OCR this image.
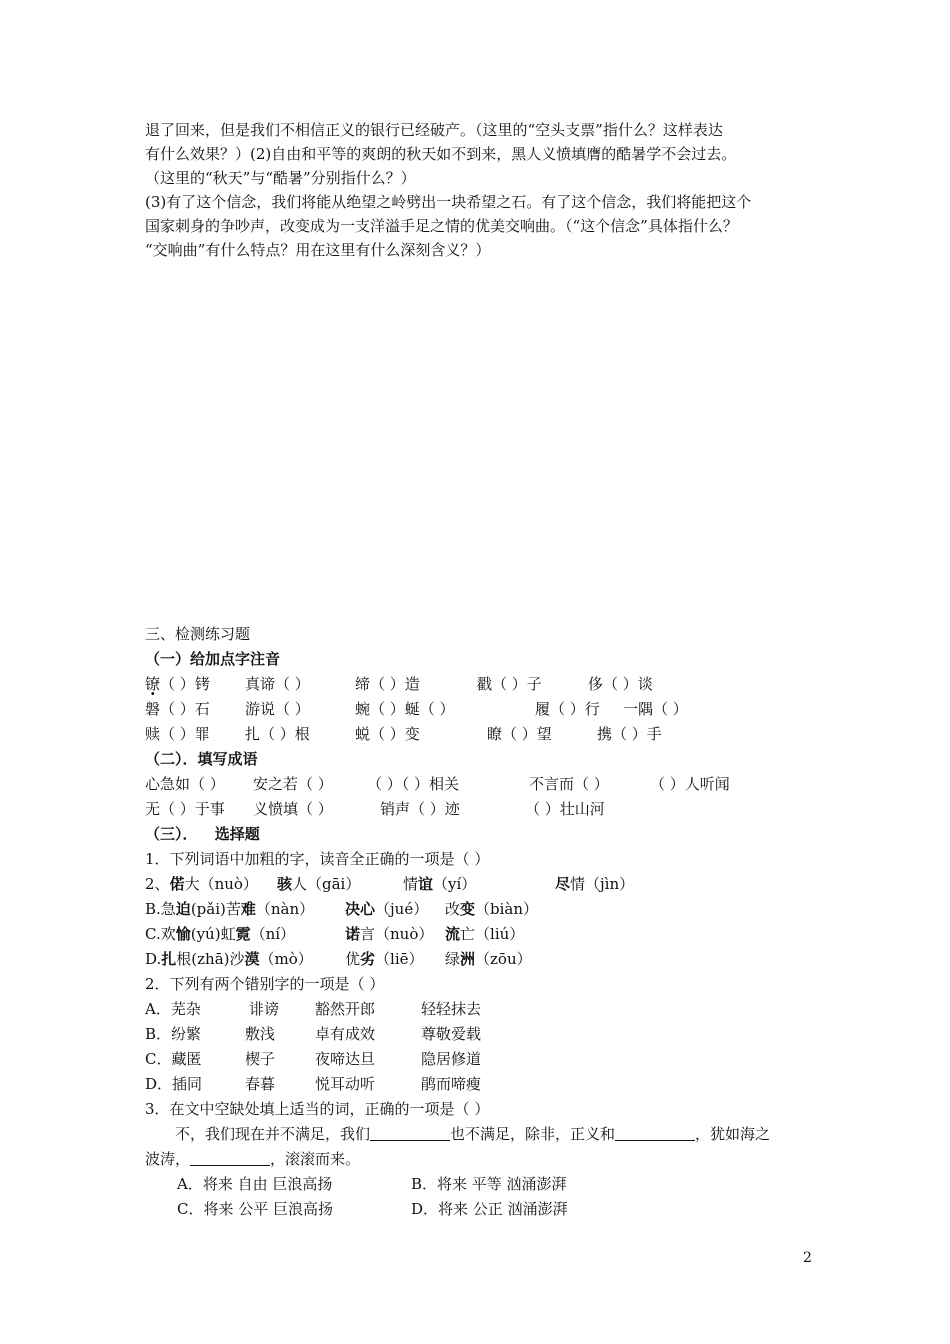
退了回来，但是我们不相信正义的银行已经破产。（这里的“空头支票”指什么？这样表达

有什么效果？）(2)自由和平等的爽朗的秋天如不到来，黑人义愤填膺的酷暑学不会过去。

（这里的“秋天”与“酷暑”分别指什么？）

(3)有了这个信念，我们将能从绝望之岭劈出一块希望之石。有了这个信念，我们将能把这个

国家刺身的争吵声，改变成为一支洋溢手足之情的优美交响曲。（“这个信念”具体指什么？

“交响曲”有什么特点？用在这里有什么深刻含义？）

三、检测练习题
（一）给加点字注音
镣（ ）铐 真谛（ ）	缔（ ）造	戳（ ）子	侈（ ）谈
磐（ ）石 游说（ ）	蜿（ ）蜒（ ）	履（ ）行 一隅（ ）
赎（ ）罪 扎（ ）根	蜕（ ）变	瞭（ ）望	携（ ）手
（二）．填写成语
心急如（ ） 安之若（ ） （ ）（ ）相关	不言而（ ）	（ ）人听闻
无（ ）于事 义愤填（ ）	销声（ ）迹	（ ）壮山河
（三）． 选择题
1．下列词语中加粗的字，读音全正确的一项是（ ）
2、偌大（nuò） 骇人（gāi）	情谊（yí）	尽情（jìn）
B.急迫(pǎi)苦难（nàn） 决心（jué） 改变（biàn）
C.欢愉(yú)虹霓（ní）	诺言（nuò） 流亡（liú）
D.扎根(zhā)沙漠（mò） 优劣（liē） 绿洲（zōu）
2．下列有两个错别字的一项是（ ）
A．芜杂	诽谤 豁然开郎	轻轻抹去
B．纷繁	敷浅	卓有成效	尊敬爱载
C．藏匿	楔子	夜啼达旦	隐居修道
D．插同	春暮	悦耳动听	鹃而啼瘦
3．在文中空缺处填上适当的词，正确的一项是（ ）
不，我们现在并不满足，我们	也不满足，除非，正义和	，犹如海之
波涛，	，滚滚而来。
A．将来 自由 巨浪高扬	B．将来 平等 汹涌澎湃
C．将来 公平 巨浪高扬	D．将来 公正 汹涌澎湃
2
